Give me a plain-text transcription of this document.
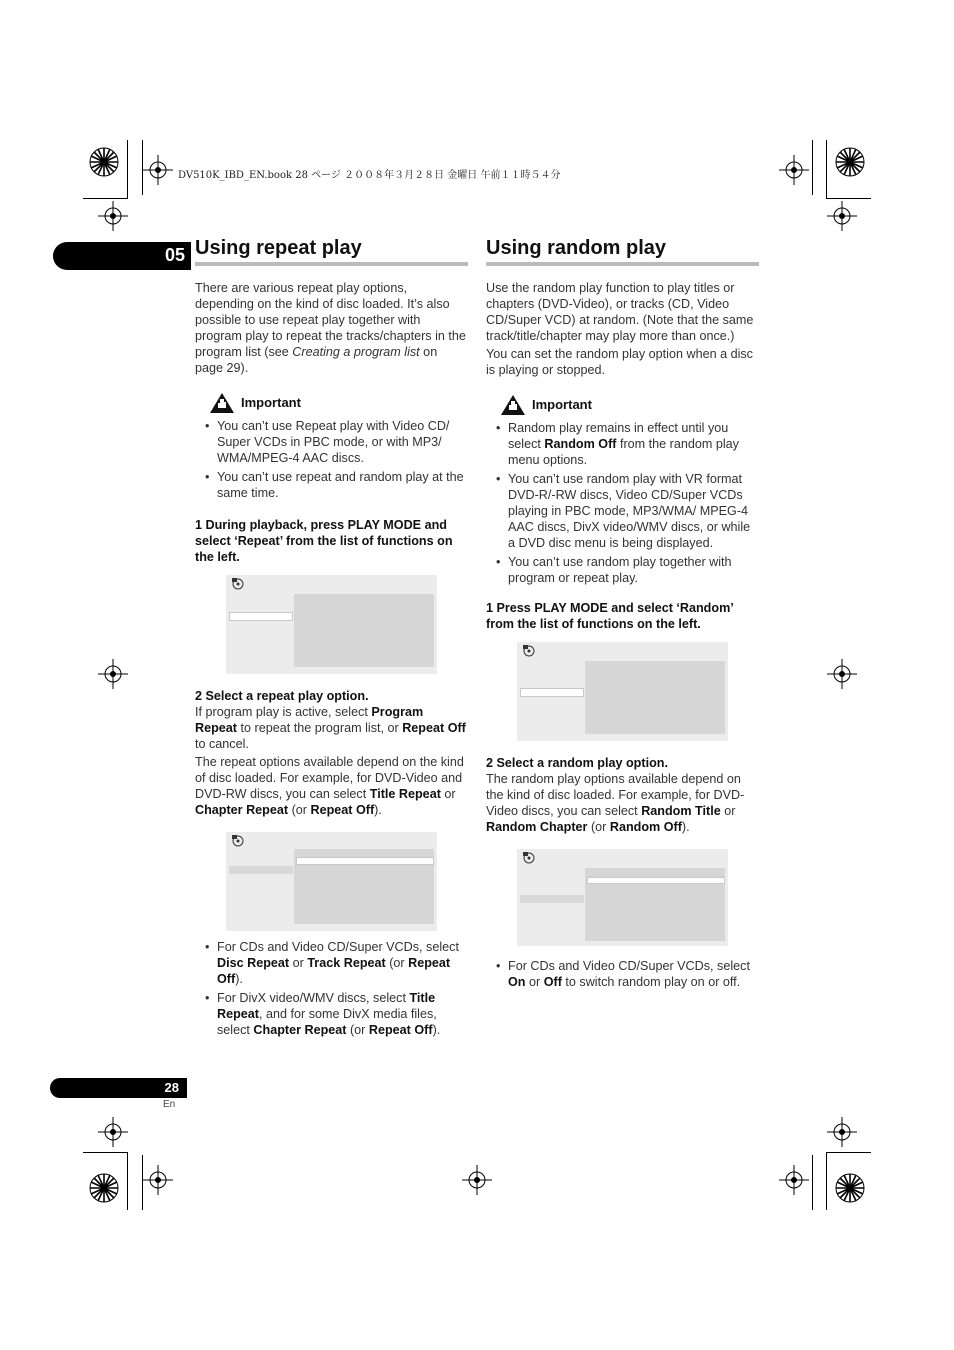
DV510K_IBD_EN.book 28 ページ ２００８年３月２８日 金曜日 午前１１時５４分
05 Using repeat play	Using random play

There are various repeat play options, depending on the kind of disc loaded. It’s also possible to use repeat play together with program play to repeat the tracks/chapters in the program list (see Creating a program list on page 29).

Important
• You can’t use Repeat play with Video CD/ Super VCDs in PBC mode, or with MP3/ WMA/MPEG-4 AAC discs.
• You can’t use repeat and random play at the same time.

1 During playback, press PLAY MODE and select ‘Repeat’ from the list of functions on the left.

2 Select a repeat play option.

If program play is active, select Program Repeat to repeat the program list, or Repeat Off to cancel.

The repeat options available depend on the kind of disc loaded. For example, for DVD-Video and DVD-RW discs, you can select Title Repeat or Chapter Repeat (or Repeat Off).

• For CDs and Video CD/Super VCDs, select Disc Repeat or Track Repeat (or Repeat Off).
• For DivX video/WMV discs, select Title Repeat, and for some DivX media files, select Chapter Repeat (or Repeat Off).

Use the random play function to play titles or chapters (DVD-Video), or tracks (CD, Video CD/Super VCD) at random. (Note that the same track/title/chapter may play more than once.)

You can set the random play option when a disc is playing or stopped.

Important
• Random play remains in effect until you select Random Off from the random play menu options.
• You can’t use random play with VR format DVD-R/-RW discs, Video CD/Super VCDs playing in PBC mode, MP3/WMA/ MPEG-4 AAC discs, DivX video/WMV discs, or while a DVD disc menu is being displayed.
• You can’t use random play together with program or repeat play.

1 Press PLAY MODE and select ‘Random’ from the list of functions on the left.

2 Select a random play option.

The random play options available depend on the kind of disc loaded. For example, for DVD-Video discs, you can select Random Title or Random Chapter (or Random Off).

• For CDs and Video CD/Super VCDs, select On or Off to switch random play on or off.
28
En
